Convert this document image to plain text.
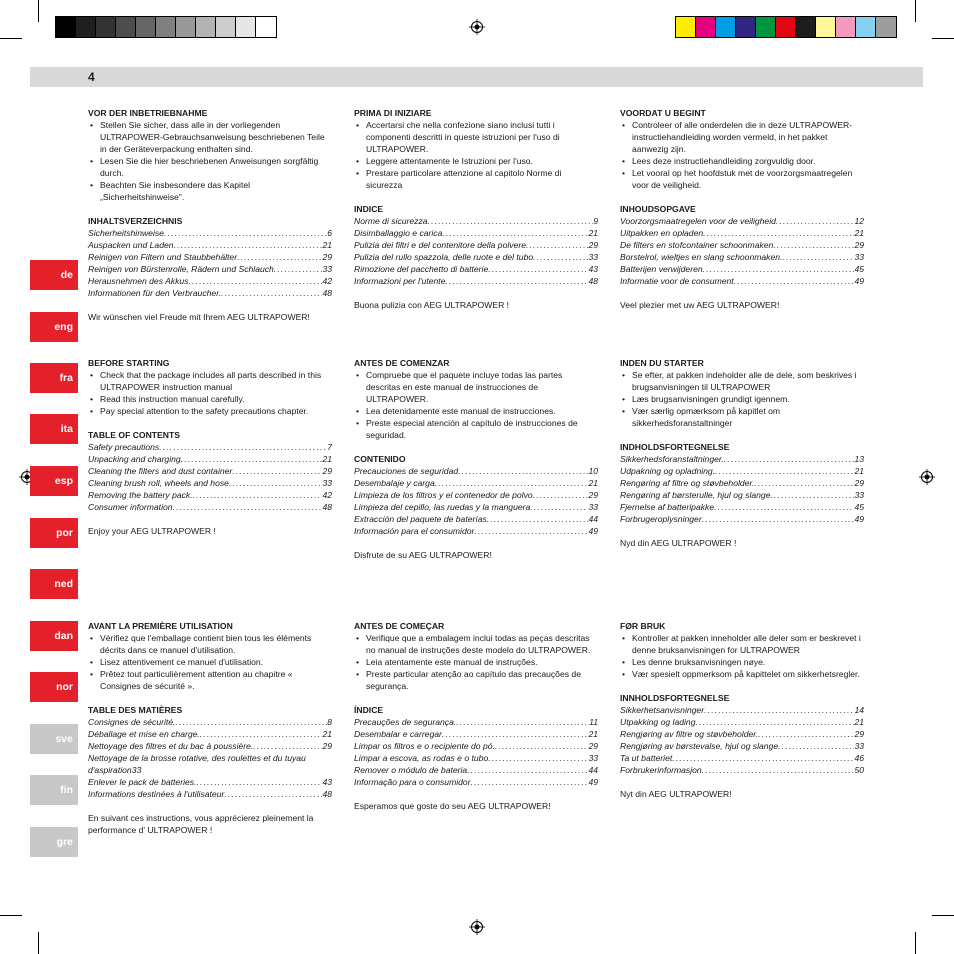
4
de
eng
fra
ita
esp
por
ned
dan
nor
sve
fin
gre
VOR DER INBETRIEBNAHME
• Stellen Sie sicher, dass alle in der vorliegenden ULTRAPOWER-Gebrauchsanweisung beschriebenen Teile in der Geräteverpackung enthalten sind.
• Lesen Sie die hier beschriebenen Anweisungen sorgfältig durch.
• Beachten Sie insbesondere das Kapitel „Sicherheitshinweise".
INHALTSVERZEICHNIS
Sicherheitshinweise . . .	6
Auspacken und Laden . . .	21
Reinigen von Filtern und Staubbehälter . . .	29
Reinigen von Bürstenrolle, Rädern und Schlauch . . .	33
Herausnehmen des Akkus . . .	42
Informationen für den Verbraucher. . . .	48
Wir wünschen viel Freude mit Ihrem AEG ULTRAPOWER!
PRIMA DI INIZIARE
• Accertarsi che nella confezione siano inclusi tutti i componenti descritti in queste istruzioni per l'uso di ULTRAPOWER.
• Leggere attentamente le Istruzioni per l'uso.
• Prestare particolare attenzione al capitolo Norme di sicurezza
INDICE
Norme di sicurezza . . .	9
Disimballaggio e carica . . .	21
Pulizia dei filtri e del contenitore della polvere . . .	29
Pulizia del rullo spazzola, delle ruote e del tubo . . .	33
Rimozione del pacchetto di batterie . . .	43
Informazioni per l'utente . . .	48
Buona pulizia con AEG ULTRAPOWER !
VOORDAT U BEGINT
• Controleer of alle onderdelen die in deze ULTRAPOWER-instructiehandleiding worden vermeld, in het pakket aanwezig zijn.
• Lees deze instructiehandleiding zorgvuldig door.
• Let vooral op het hoofdstuk met de voorzorgsmaatregelen voor de veiligheid.
INHOUDSOPGAVE
Voorzorgsmaatregelen voor de veiligheid . . .	12
Uitpakken en opladen . . .	21
De filters en stofcontainer schoonmaken . . .	29
Borstelrol, wieltjes en slang schoonmaken. . . .	33
Batterijen verwijderen . . .	45
Informatie voor de consument . . .	49
Veel plezier met uw AEG ULTRAPOWER!
BEFORE STARTING
• Check that the package includes all parts described in this ULTRAPOWER instruction manual
• Read this instruction manual carefully.
• Pay special attention to the safety precautions chapter.
TABLE OF CONTENTS
Safety precautions . . .	7
Unpacking and charging . . .	21
Cleaning the filters and dust container . . .	29
Cleaning brush roll, wheels and hose . . .	33
Removing the battery pack. . . .	42
Consumer information . . .	48
Enjoy your AEG ULTRAPOWER !
ANTES DE COMENZAR
• Compruebe que el paquete incluye todas las partes descritas en este manual de instrucciones de ULTRAPOWER.
• Lea detenidamente este manual de instrucciones.
• Preste especial atención al capítulo de instrucciones de seguridad.
CONTENIDO
Precauciones de seguridad . . .	10
Desembalaje y carga . . .	21
Limpieza de los filtros y el contenedor de polvo . . .	29
Limpieza del cepillo, las ruedas y la manguera . . .	33
Extracción del paquete de baterías . . .	44
Información para el consumidor . . .	49
Disfrute de su AEG ULTRAPOWER!
INDEN DU STARTER
• Se efter, at pakken indeholder alle de dele, som beskrives i brugsanvisningen til ULTRAPOWER
• Læs brugsanvisningen grundigt igennem.
• Vær særlig opmærksom på kapitlet om sikkerhedsforanstaltninger
INDHOLDSFORTEGNELSE
Sikkerhedsforanstaltninger. . . .	13
Udpakning og opladning. . . .	21
Rengøring af filtre og støvbeholder. . . .	29
Rengøring af børsterulle, hjul og slange . . .	33
Fjernelse af batteripakke . . .	45
Forbrugeroplysninger . . .	49
Nyd din AEG ULTRAPOWER !
AVANT LA PREMIÈRE UTILISATION
• Vérifiez que l'emballage contient bien tous les éléments décrits dans ce manuel d'utilisation.
• Lisez attentivement ce manuel d'utilisation.
• Prêtez tout particulièrement attention au chapitre « Consignes de sécurité ».
TABLE DES MATIÈRES
Consignes de sécurité. . . .	8
Déballage et mise en charge. . . .	21
Nettoyage des filtres et du bac à poussière. . . .	29
Nettoyage de la brosse rotative, des roulettes et du tuyau
d'aspiration 33
Enlever le pack de batteries. . . .	43
Informations destinées à l'utilisateur . . .	48
En suivant ces instructions, vous apprécierez pleinement la performance d' ULTRAPOWER !
ANTES DE COMEÇAR
• Verifique que a embalagem inclui todas as peças descritas no manual de instruções deste modelo do ULTRAPOWER.
• Leia atentamente este manual de instruções.
• Preste particular atenção ao capítulo das precauções de segurança.
ÍNDICE
Precauções de segurança. . . .	11
Desembalar e carregar . . .	21
Limpar os filtros e o recipiente do pó. . . .	29
Limpar a escova, as rodas e o tubo . . .	33
Remover o módulo de bateria . . .	44
Informação para o consumidor . . .	49
Esperamos que goste do seu AEG ULTRAPOWER!
FØR BRUK
• Kontroller at pakken inneholder alle deler som er beskrevet i denne bruksanvisningen for ULTRAPOWER
• Les denne bruksanvisningen nøye.
• Vær spesielt oppmerksom på kapittelet om sikkerhetsregler.
INNHOLDSFORTEGNELSE
Sikkerhetsanvisninger . . .	14
Utpakking og lading . . .	21
Rengjøring av filtre og støvbeholder. . . .	29
Rengjøring av børstevalse, hjul og slange . . .	33
Ta ut batteriet . . .	46
Forbrukerinformasjon . . .	50
Nyt din AEG ULTRAPOWER!
